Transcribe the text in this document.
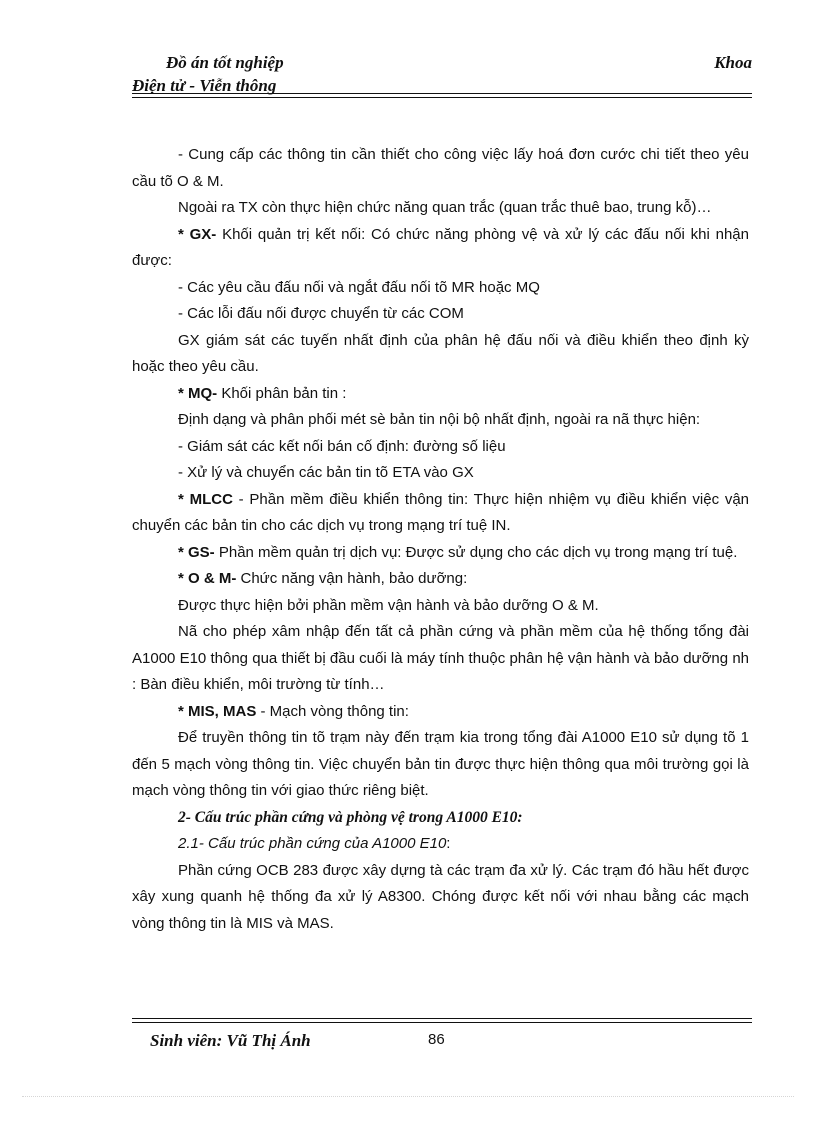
Đồ án tốt nghiệp	Khoa
Điện tử - Viễn thông

- Cung cấp các thông tin cần thiết cho công việc lấy hoá đơn cước chi tiết theo yêu cầu tõ O & M.

Ngoài ra TX còn thực hiện chức năng quan trắc (quan trắc thuê bao, trung kỗ)…

* GX- Khối quản trị kết nối: Có chức năng phòng vệ và xử lý các đấu nối khi nhận được:

- Các yêu cầu đấu nối và ngắt đấu nối tõ MR hoặc MQ

- Các lỗi đấu nối được chuyển từ các COM

GX giám sát các tuyến nhất định của phân hệ đấu nối và điều khiển theo định kỳ hoặc theo yêu cầu.

* MQ- Khối phân bản tin :

Định dạng và phân phối mét sè bản tin nội bộ nhất định, ngoài ra nã thực hiện:

- Giám sát các kết nối bán cố định: đường số liệu

- Xử lý và chuyển các bản tin tõ ETA vào GX

* MLCC - Phần mềm điều khiển thông tin: Thực hiện nhiệm vụ điều khiển việc vận chuyển các bản tin cho các dịch vụ trong mạng trí tuệ IN.

* GS- Phần mềm quản trị dịch vụ: Được sử dụng cho các dịch vụ trong mạng trí tuệ.

* O & M- Chức năng vận hành, bảo dưỡng:

Được thực hiện bởi phần mềm vận hành và bảo dưỡng O & M.

Nã cho phép xâm nhập đến tất cả phần cứng và phần mềm của hệ thống tổng đài A1000 E10 thông qua thiết bị đầu cuối là máy tính thuộc phân hệ vận hành và bảo dưỡng nh : Bàn điều khiển, môi trường từ tính…

* MIS, MAS - Mạch vòng thông tin:

Để truyền thông tin tõ trạm này đến trạm kia trong tổng đài A1000 E10 sử dụng tõ 1 đến 5 mạch vòng thông tin. Việc chuyển bản tin được thực hiện thông qua môi trường gọi là mạch vòng thông tin với giao thức riêng biệt.

2- Cấu trúc phần cứng và phòng vệ trong A1000 E10:

2.1- Cấu trúc phần cứng của A1000 E10:

Phần cứng OCB 283 được xây dựng tà các trạm đa xử lý. Các trạm đó hầu hết được xây xung quanh hệ thống đa xử lý A8300. Chóng được kết nối với nhau bằng các mạch vòng thông tin là MIS và MAS.

Sinh viên: Vũ Thị Ánh	86
